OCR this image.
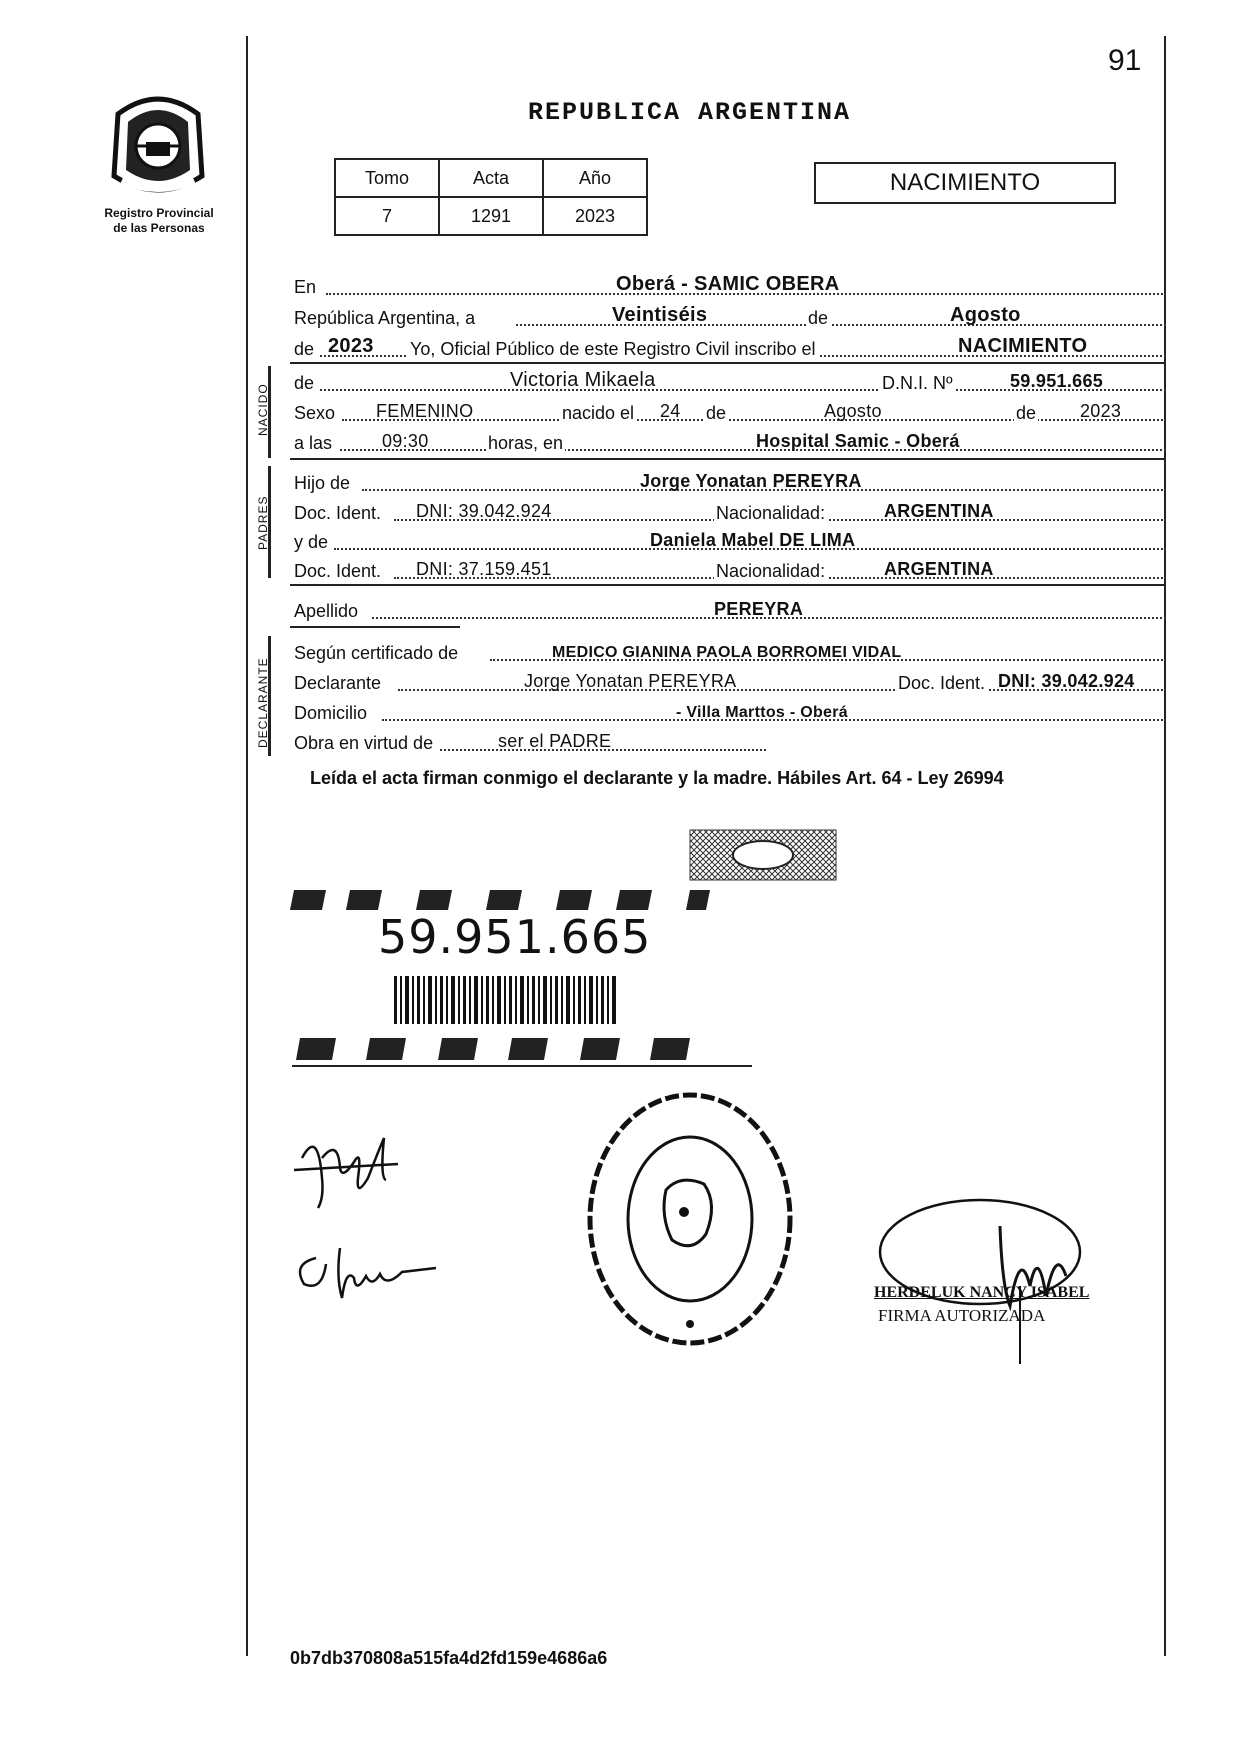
91
Registro Provincial
de las Personas
REPUBLICA ARGENTINA
Tomo	Acta	Año
7	1291	2023
NACIMIENTO
En	Oberá - SAMIC OBERA
República Argentina, a	Veintiséis	de	Agosto
de 2023 Yo, Oficial Público de este Registro Civil inscribo el	NACIMIENTO
NACIDO
de	Victoria Mikaela	D.N.I. Nº	59.951.665
Sexo FEMENINO	nacido el 24 de	Agosto	de 2023
a las	09:30	horas, en	Hospital Samic - Oberá
PADRES
Hijo de	Jorge Yonatan PEREYRA
Doc. Ident. DNI: 39.042.924	Nacionalidad:	ARGENTINA
y de	Daniela Mabel DE LIMA
Doc. Ident. DNI: 37.159.451	Nacionalidad:	ARGENTINA
Apellido	PEREYRA
DECLARANTE
Según certificado de	MEDICO GIANINA PAOLA BORROMEI VIDAL
Declarante	Jorge Yonatan PEREYRA	Doc. Ident. DNI: 39.042.924
Domicilio	- Villa Marttos - Oberá
Obra en virtud de	ser el PADRE
Leída el acta firman conmigo el declarante y la madre. Hábiles Art. 64 - Ley 26994
59.951.665
DELEGACION DEL REGISTRO PROVINCIAL DE LAS PERSONAS · SAM.C. OBERA
HERDELUK NANCY ISABEL
FIRMA AUTORIZADA
0b7db370808a515fa4d2fd159e4686a6
